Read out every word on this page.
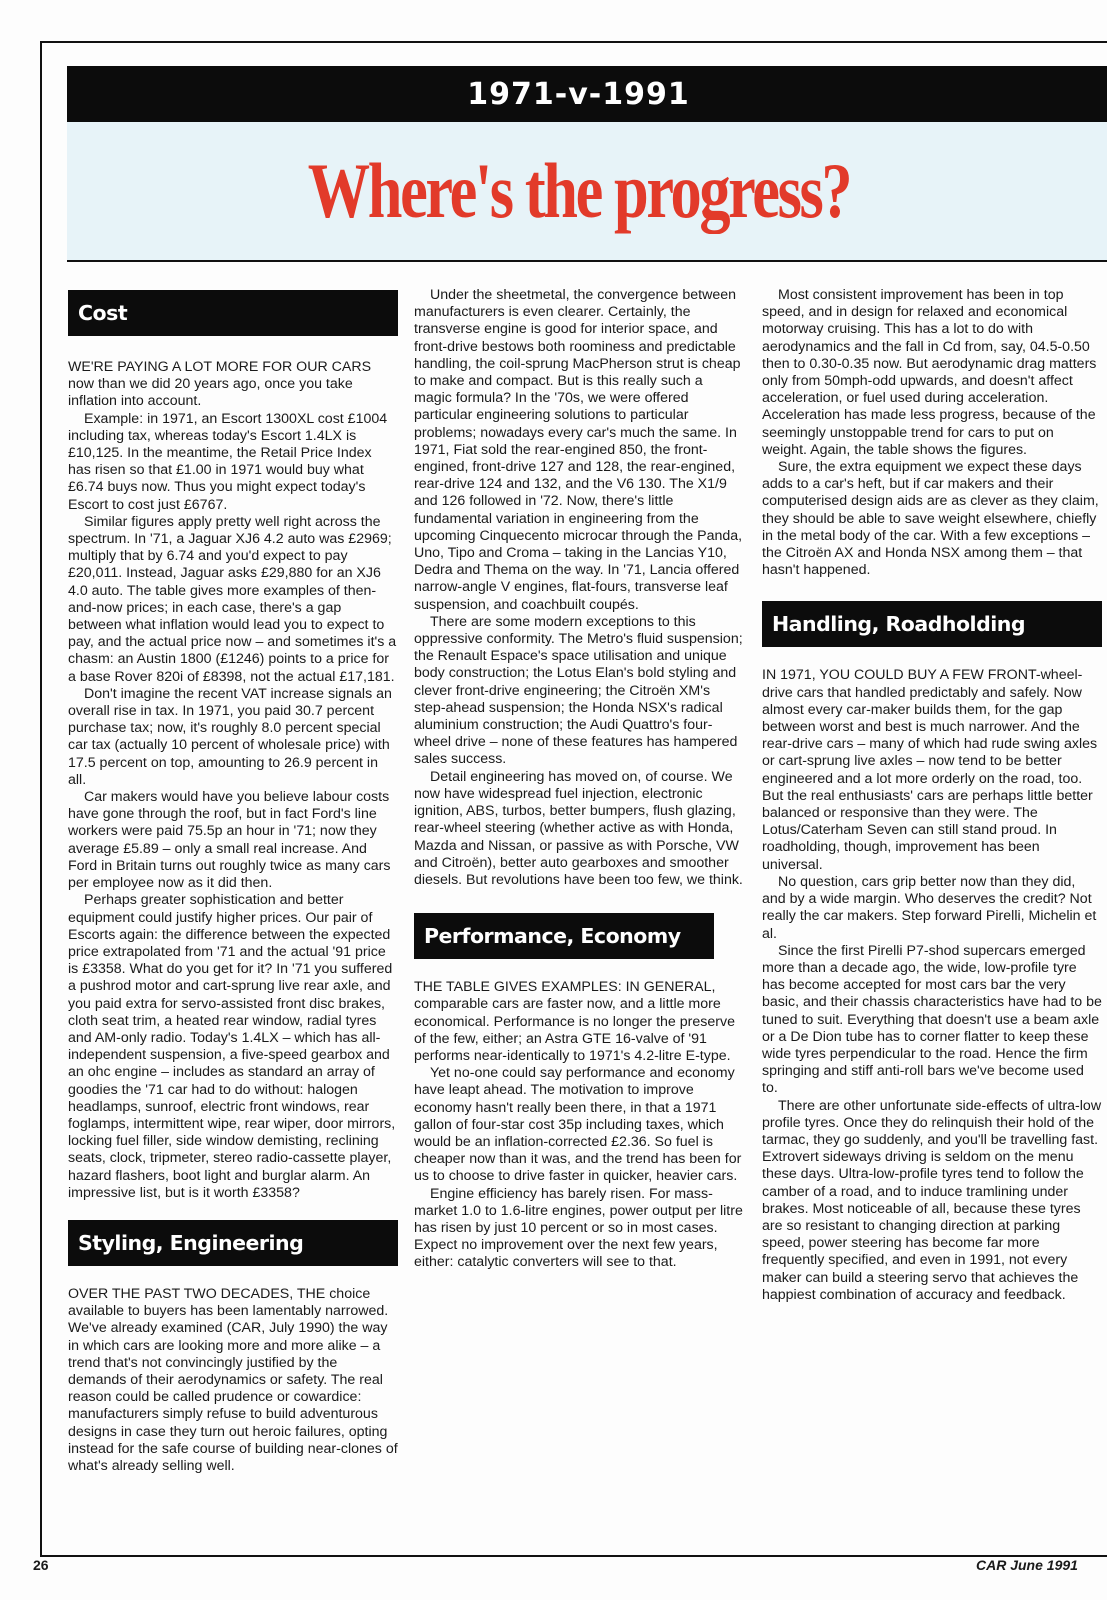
1971-v-1991
Where's the progress?
Cost

WE'RE PAYING A LOT MORE FOR OUR CARS now than we did 20 years ago, once you take inflation into account.

Example: in 1971, an Escort 1300XL cost £1004 including tax, whereas today's Escort 1.4LX is £10,125. In the meantime, the Retail Price Index has risen so that £1.00 in 1971 would buy what £6.74 buys now. Thus you might expect today's Escort to cost just £6767.

Similar figures apply pretty well right across the spectrum. In '71, a Jaguar XJ6 4.2 auto was £2969; multiply that by 6.74 and you'd expect to pay £20,011. Instead, Jaguar asks £29,880 for an XJ6 4.0 auto. The table gives more examples of then-and-now prices; in each case, there's a gap between what inflation would lead you to expect to pay, and the actual price now – and sometimes it's a chasm: an Austin 1800 (£1246) points to a price for a base Rover 820i of £8398, not the actual £17,181.

Don't imagine the recent VAT increase signals an overall rise in tax. In 1971, you paid 30.7 percent purchase tax; now, it's roughly 8.0 percent special car tax (actually 10 percent of wholesale price) with 17.5 percent on top, amounting to 26.9 percent in all.

Car makers would have you believe labour costs have gone through the roof, but in fact Ford's line workers were paid 75.5p an hour in '71; now they average £5.89 – only a small real increase. And Ford in Britain turns out roughly twice as many cars per employee now as it did then.

Perhaps greater sophistication and better equipment could justify higher prices. Our pair of Escorts again: the difference between the expected price extrapolated from '71 and the actual '91 price is £3358. What do you get for it? In '71 you suffered a pushrod motor and cart-sprung live rear axle, and you paid extra for servo-assisted front disc brakes, cloth seat trim, a heated rear window, radial tyres and AM-only radio. Today's 1.4LX – which has all-independent suspension, a five-speed gearbox and an ohc engine – includes as standard an array of goodies the '71 car had to do without: halogen headlamps, sunroof, electric front windows, rear foglamps, intermittent wipe, rear wiper, door mirrors, locking fuel filler, side window demisting, reclining seats, clock, tripmeter, stereo radio-cassette player, hazard flashers, boot light and burglar alarm. An impressive list, but is it worth £3358?

Styling, Engineering

OVER THE PAST TWO DECADES, THE choice available to buyers has been lamentably narrowed. We've already examined (CAR, July 1990) the way in which cars are looking more and more alike – a trend that's not convincingly justified by the demands of their aerodynamics or safety. The real reason could be called prudence or cowardice: manufacturers simply refuse to build adventurous designs in case they turn out heroic failures, opting instead for the safe course of building near-clones of what's already selling well.

Under the sheetmetal, the convergence between manufacturers is even clearer. Certainly, the transverse engine is good for interior space, and front-drive bestows both roominess and predictable handling, the coil-sprung MacPherson strut is cheap to make and compact. But is this really such a magic formula? In the '70s, we were offered particular engineering solutions to particular problems; nowadays every car's much the same. In 1971, Fiat sold the rear-engined 850, the front-engined, front-drive 127 and 128, the rear-engined, rear-drive 124 and 132, and the V6 130. The X1/9 and 126 followed in '72. Now, there's little fundamental variation in engineering from the upcoming Cinquecento microcar through the Panda, Uno, Tipo and Croma – taking in the Lancias Y10, Dedra and Thema on the way. In '71, Lancia offered narrow-angle V engines, flat-fours, transverse leaf suspension, and coachbuilt coupés.

There are some modern exceptions to this oppressive conformity. The Metro's fluid suspension; the Renault Espace's space utilisation and unique body construction; the Lotus Elan's bold styling and clever front-drive engineering; the Citroën XM's step-ahead suspension; the Honda NSX's radical aluminium construction; the Audi Quattro's four-wheel drive – none of these features has hampered sales success.

Detail engineering has moved on, of course. We now have widespread fuel injection, electronic ignition, ABS, turbos, better bumpers, flush glazing, rear-wheel steering (whether active as with Honda, Mazda and Nissan, or passive as with Porsche, VW and Citroën), better auto gearboxes and smoother diesels. But revolutions have been too few, we think.

Performance, Economy

THE TABLE GIVES EXAMPLES: IN GENERAL, comparable cars are faster now, and a little more economical. Performance is no longer the preserve of the few, either; an Astra GTE 16-valve of '91 performs near-identically to 1971's 4.2-litre E-type.

Yet no-one could say performance and economy have leapt ahead. The motivation to improve economy hasn't really been there, in that a 1971 gallon of four-star cost 35p including taxes, which would be an inflation-corrected £2.36. So fuel is cheaper now than it was, and the trend has been for us to choose to drive faster in quicker, heavier cars.

Engine efficiency has barely risen. For mass-market 1.0 to 1.6-litre engines, power output per litre has risen by just 10 percent or so in most cases. Expect no improvement over the next few years, either: catalytic converters will see to that.

Most consistent improvement has been in top speed, and in design for relaxed and economical motorway cruising. This has a lot to do with aerodynamics and the fall in Cd from, say, 04.5-0.50 then to 0.30-0.35 now. But aerodynamic drag matters only from 50mph-odd upwards, and doesn't affect acceleration, or fuel used during acceleration. Acceleration has made less progress, because of the seemingly unstoppable trend for cars to put on weight. Again, the table shows the figures.

Sure, the extra equipment we expect these days adds to a car's heft, but if car makers and their computerised design aids are as clever as they claim, they should be able to save weight elsewhere, chiefly in the metal body of the car. With a few exceptions – the Citroën AX and Honda NSX among them – that hasn't happened.

Handling, Roadholding

IN 1971, YOU COULD BUY A FEW FRONT-wheel-drive cars that handled predictably and safely. Now almost every car-maker builds them, for the gap between worst and best is much narrower. And the rear-drive cars – many of which had rude swing axles or cart-sprung live axles – now tend to be better engineered and a lot more orderly on the road, too. But the real enthusiasts' cars are perhaps little better balanced or responsive than they were. The Lotus/Caterham Seven can still stand proud. In roadholding, though, improvement has been universal.

No question, cars grip better now than they did, and by a wide margin. Who deserves the credit? Not really the car makers. Step forward Pirelli, Michelin et al.

Since the first Pirelli P7-shod supercars emerged more than a decade ago, the wide, low-profile tyre has become accepted for most cars bar the very basic, and their chassis characteristics have had to be tuned to suit. Everything that doesn't use a beam axle or a De Dion tube has to corner flatter to keep these wide tyres perpendicular to the road. Hence the firm springing and stiff anti-roll bars we've become used to.

There are other unfortunate side-effects of ultra-low profile tyres. Once they do relinquish their hold of the tarmac, they go suddenly, and you'll be travelling fast. Extrovert sideways driving is seldom on the menu these days. Ultra-low-profile tyres tend to follow the camber of a road, and to induce tramlining under brakes. Most noticeable of all, because these tyres are so resistant to changing direction at parking speed, power steering has become far more frequently specified, and even in 1991, not every maker can build a steering servo that achieves the happiest combination of accuracy and feedback.

26	CAR June 1991
